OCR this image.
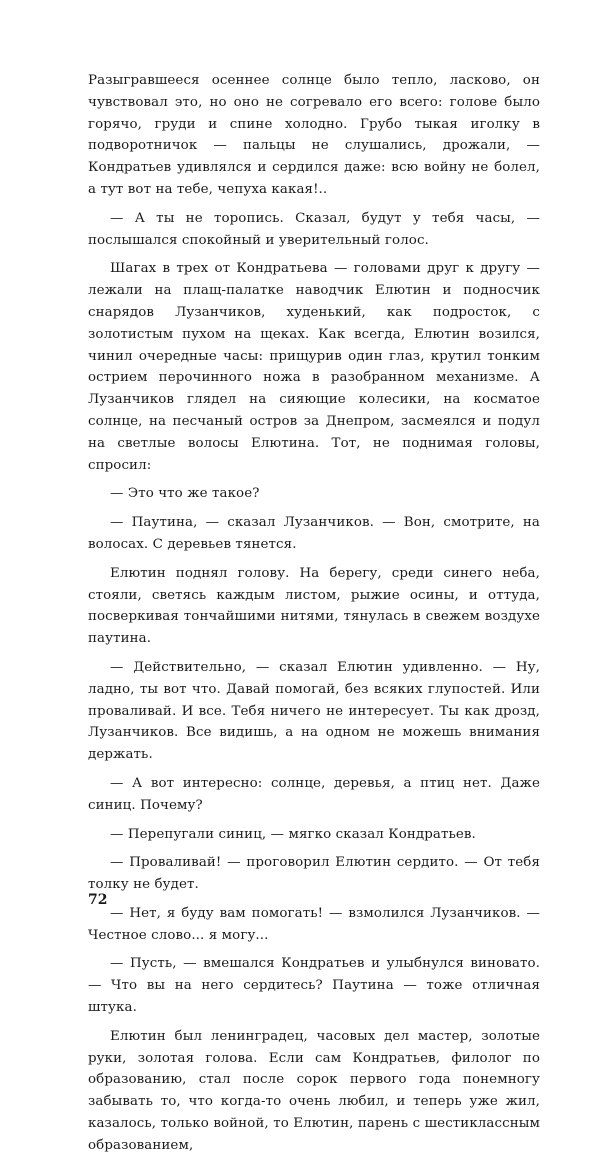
Разыгравшееся осеннее солнце было тепло, ласково, он чувствовал это, но оно не согревало его всего: голове было горячо, груди и спине холодно. Грубо тыкая иголку в подворотничок — пальцы не слушались, дрожали, — Кондратьев удивлялся и сердился даже: всю войну не болел, а тут вот на тебе, чепуха какая!..

— А ты не торопись. Сказал, будут у тебя часы, — послышался спокойный и уверительный голос.

Шагах в трех от Кондратьева — головами друг к другу — лежали на плащ-палатке наводчик Елютин и подносчик снарядов Лузанчиков, худенький, как подросток, с золотистым пухом на щеках. Как всегда, Елютин возился, чинил очередные часы: прищурив один глаз, крутил тонким острием перочинного ножа в разобранном механизме. А Лузанчиков глядел на сияющие колесики, на косматое солнце, на песчаный остров за Днепром, засмеялся и подул на светлые волосы Елютина. Тот, не поднимая головы, спросил:

— Это что же такое?

— Паутина, — сказал Лузанчиков. — Вон, смотрите, на волосах. С деревьев тянется.

Елютин поднял голову. На берегу, среди синего неба, стояли, светясь каждым листом, рыжие осины, и оттуда, посверкивая тончайшими нитями, тянулась в свежем воздухе паутина.

— Действительно, — сказал Елютин удивленно. — Ну, ладно, ты вот что. Давай помогай, без всяких глупостей. Или проваливай. И все. Тебя ничего не интересует. Ты как дрозд, Лузанчиков. Все видишь, а на одном не можешь внимания держать.

— А вот интересно: солнце, деревья, а птиц нет. Даже синиц. Почему?

— Перепугали синиц, — мягко сказал Кондратьев.

— Проваливай! — проговорил Елютин сердито. — От тебя толку не будет.

— Нет, я буду вам помогать! — взмолился Лузанчиков. — Честное слово... я могу...

— Пусть, — вмешался Кондратьев и улыбнулся виновато. — Что вы на него сердитесь? Паутина — тоже отличная штука.

Елютин был ленинградец, часовых дел мастер, золотые руки, золотая голова. Если сам Кондратьев, филолог по образованию, стал после сорок первого года понемногу забывать то, что когда-то очень любил, и теперь уже жил, казалось, только войной, то Елютин, парень с шестиклассным образованием,

72
